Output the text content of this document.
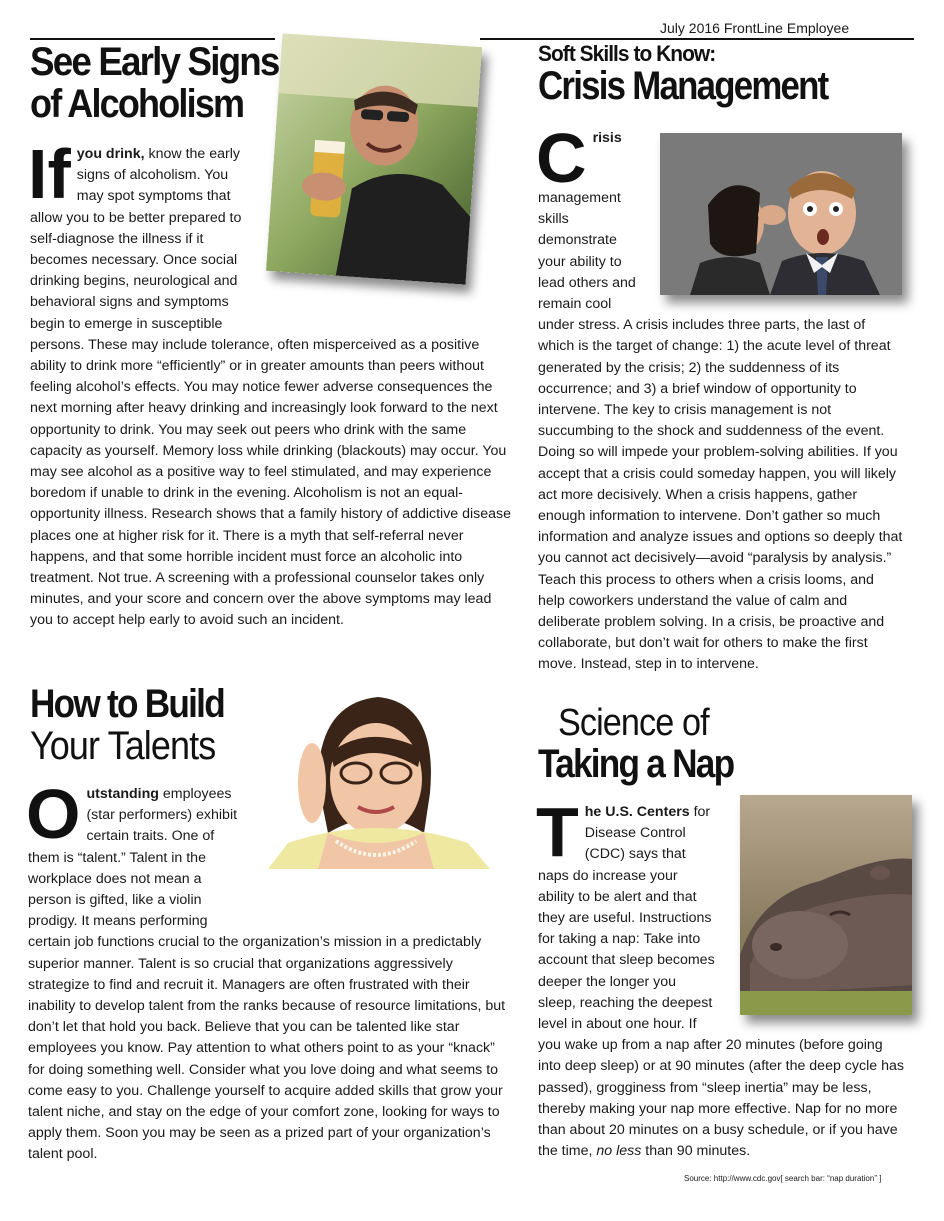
July 2016 FrontLine Employee
See Early Signs
of Alcoholism
I f you drink, know the early signs of alcoholism. You may spot symptoms that allow you to be better prepared to self-diagnose the illness if it becomes necessary. Once social drinking begins, neurological and behavioral signs and symptoms begin to emerge in susceptible persons. These may include tolerance, often misperceived as a positive ability to drink more “efficiently” or in greater amounts than peers without feeling alcohol’s effects. You may notice fewer adverse consequences the next morning after heavy drinking and increasingly look forward to the next opportunity to drink. You may seek out peers who drink with the same capacity as yourself. Memory loss while drinking (blackouts) may occur. You may see alcohol as a positive way to feel stimulated, and may experience boredom if unable to drink in the evening. Alcoholism is not an equal-opportunity illness. Research shows that a family history of addictive disease places one at higher risk for it. There is a myth that self-referral never happens, and that some horrible incident must force an alcoholic into treatment. Not true. A screening with a professional counselor takes only minutes, and your score and concern over the above symptoms may lead you to accept help early to avoid such an incident.
Soft Skills to Know:
Crisis Management
Crisis management skills demonstrate your ability to lead others and remain cool under stress. A crisis includes three parts, the last of which is the target of change: 1) the acute level of threat generated by the crisis; 2) the suddenness of its occurrence; and 3) a brief window of opportunity to intervene. The key to crisis management is not succumbing to the shock and suddenness of the event. Doing so will impede your problem-solving abilities. If you accept that a crisis could someday happen, you will likely act more decisively. When a crisis happens, gather enough information to intervene. Don’t gather so much information and analyze issues and options so deeply that you cannot act decisively—avoid “paralysis by analysis.” Teach this process to others when a crisis looms, and help coworkers understand the value of calm and deliberate problem solving. In a crisis, be proactive and collaborate, but don’t wait for others to make the first move. Instead, step in to intervene.
How to Build
Your Talents
Outstanding employees (star performers) exhibit certain traits. One of them is “talent.” Talent in the workplace does not mean a person is gifted, like a violin prodigy. It means performing certain job functions crucial to the organization’s mission in a predictably superior manner. Talent is so crucial that organizations aggressively strategize to find and recruit it. Managers are often frustrated with their inability to develop talent from the ranks because of resource limitations, but don’t let that hold you back. Believe that you can be talented like star employees you know. Pay attention to what others point to as your “knack” for doing something well. Consider what you love doing and what seems to come easy to you. Challenge yourself to acquire added skills that grow your talent niche, and stay on the edge of your comfort zone, looking for ways to apply them. Soon you may be seen as a prized part of your organization’s talent pool.
Science of
Taking a Nap
The U.S. Centers for Disease Control (CDC) says that naps do increase your ability to be alert and that they are useful. Instructions for taking a nap: Take into account that sleep becomes deeper the longer you sleep, reaching the deepest level in about one hour. If you wake up from a nap after 20 minutes (before going into deep sleep) or at 90 minutes (after the deep cycle has passed), grogginess from “sleep inertia” may be less, thereby making your nap more effective. Nap for no more than about 20 minutes on a busy schedule, or if you have the time, no less than 90 minutes.
Source: http://www.cdc.gov[ search bar: “nap duration” ]
